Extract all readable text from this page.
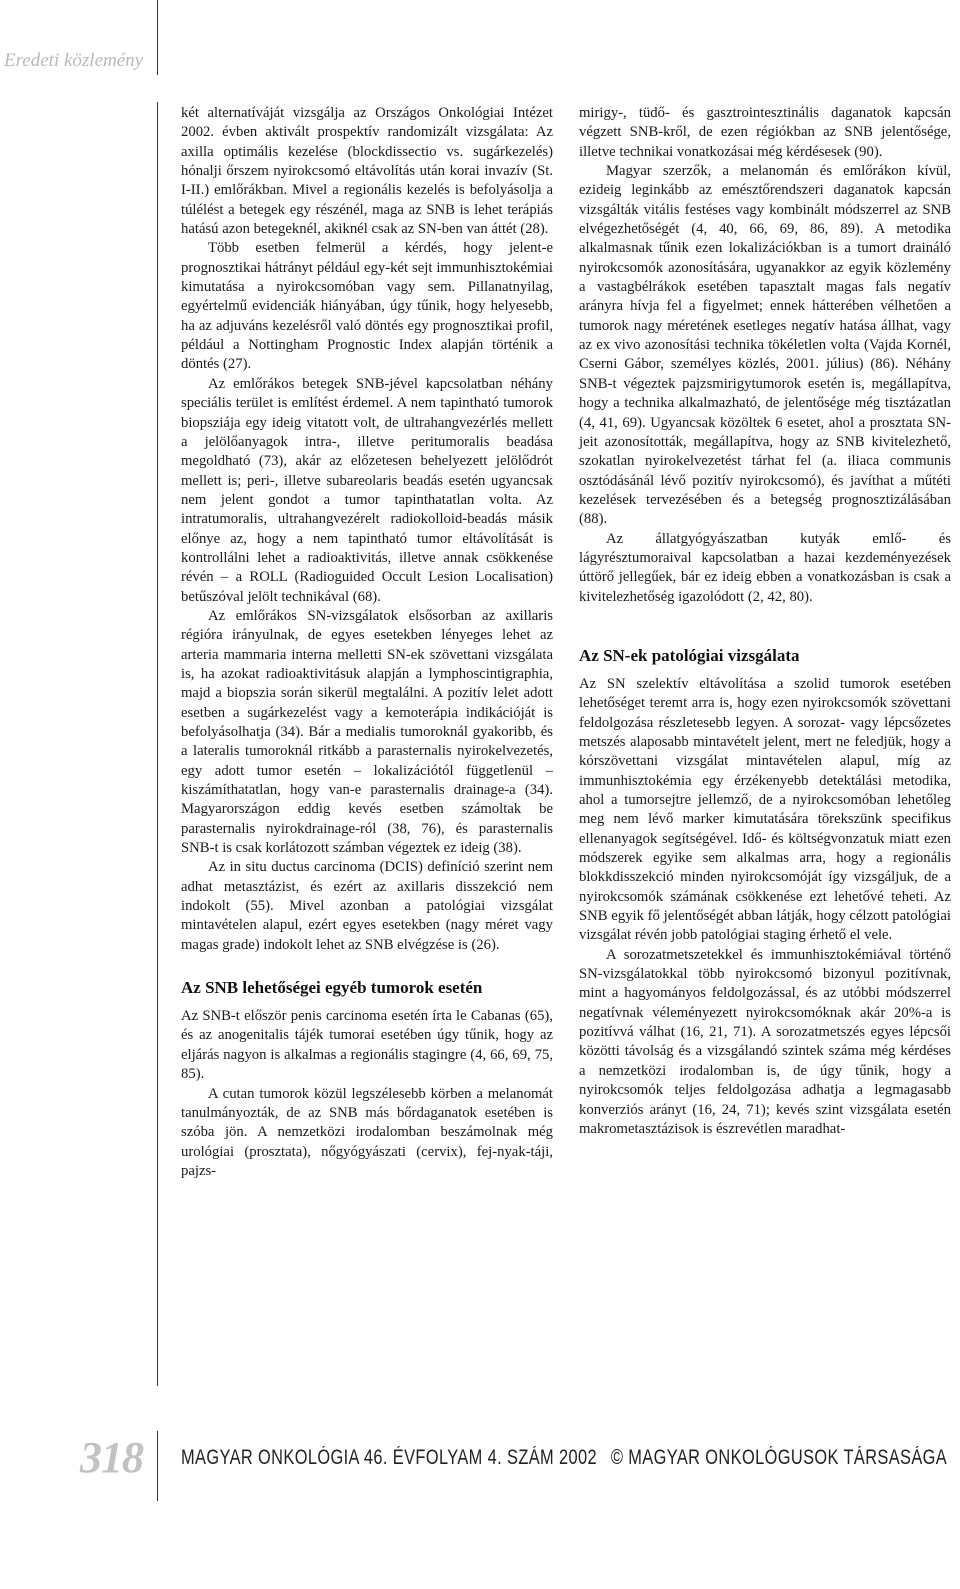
Eredeti közlemény

két alternatíváját vizsgálja az Országos Onkológiai Intézet 2002. évben aktivált prospektív randomizált vizsgálata: Az axilla optimális kezelése (blockdissectio vs. sugárkezelés) hónalji őrszem nyirokcsomó eltávolítás után korai invazív (St. I-II.) emlőrákban. Mivel a regionális kezelés is befolyásolja a túlélést a betegek egy részénél, maga az SNB is lehet terápiás hatású azon betegeknél, akiknél csak az SN-ben van áttét (28).

Több esetben felmerül a kérdés, hogy jelent-e prognosztikai hátrányt például egy-két sejt immunhisztokémiai kimutatása a nyirokcsomóban vagy sem. Pillanatnyilag, egyértelmű evidenciák hiányában, úgy tűnik, hogy helyesebb, ha az adjuváns kezelésről való döntés egy prognosztikai profil, például a Nottingham Prognostic Index alapján történik a döntés (27).

Az emlőrákos betegek SNB-jével kapcsolatban néhány speciális terület is említést érdemel. A nem tapintható tumorok biopsziája egy ideig vitatott volt, de ultrahangvezérlés mellett a jelölőanyagok intra-, illetve peritumoralis beadása megoldható (73), akár az előzetesen behelyezett jelölődrót mellett is; peri-, illetve subareolaris beadás esetén ugyancsak nem jelent gondot a tumor tapinthatatlan volta. Az intratumoralis, ultrahangvezérelt radiokolloid-beadás másik előnye az, hogy a nem tapintható tumor eltávolítását is kontrollálni lehet a radioaktivitás, illetve annak csökkenése révén – a ROLL (Radioguided Occult Lesion Localisation) betűszóval jelölt technikával (68).

Az emlőrákos SN-vizsgálatok elsősorban az axillaris régióra irányulnak, de egyes esetekben lényeges lehet az arteria mammaria interna melletti SN-ek szövettani vizsgálata is, ha azokat radioaktivitásuk alapján a lymphoscintigraphia, majd a biopszia során sikerül megtalálni. A pozitív lelet adott esetben a sugárkezelést vagy a kemoterápia indikációját is befolyásolhatja (34). Bár a medialis tumoroknál gyakoribb, és a lateralis tumoroknál ritkább a parasternalis nyirokelvezetés, egy adott tumor esetén – lokalizációtól függetlenül – kiszámíthatatlan, hogy van-e parasternalis drainage-a (34). Magyarországon eddig kevés esetben számoltak be parasternalis nyirokdrainage-ról (38, 76), és parasternalis SNB-t is csak korlátozott számban végeztek ez ideig (38).

Az in situ ductus carcinoma (DCIS) definíció szerint nem adhat metasztázist, és ezért az axillaris disszekció nem indokolt (55). Mivel azonban a patológiai vizsgálat mintavételen alapul, ezért egyes esetekben (nagy méret vagy magas grade) indokolt lehet az SNB elvégzése is (26).

Az SNB lehetőségei egyéb tumorok esetén

Az SNB-t először penis carcinoma esetén írta le Cabanas (65), és az anogenitalis tájék tumorai esetében úgy tűnik, hogy az eljárás nagyon is alkalmas a regionális stagingre (4, 66, 69, 75, 85).

A cutan tumorok közül legszélesebb körben a melanomát tanulmányozták, de az SNB más bőrdaganatok esetében is szóba jön. A nemzetközi irodalomban beszámolnak még urológiai (prosztata), nőgyógyászati (cervix), fej-nyak-táji, pajzs-

mirigy-, tüdő- és gasztrointesztinális daganatok kapcsán végzett SNB-kről, de ezen régiókban az SNB jelentősége, illetve technikai vonatkozásai még kérdésesek (90).

Magyar szerzők, a melanomán és emlőrákon kívül, ezideig leginkább az emésztőrendszeri daganatok kapcsán vizsgálták vitális festéses vagy kombinált módszerrel az SNB elvégezhetőségét (4, 40, 66, 69, 86, 89). A metodika alkalmasnak tűnik ezen lokalizációkban is a tumort draináló nyirokcsomók azonosítására, ugyanakkor az egyik közlemény a vastagbélrákok esetében tapasztalt magas fals negatív arányra hívja fel a figyelmet; ennek hátterében vélhetően a tumorok nagy méretének esetleges negatív hatása állhat, vagy az ex vivo azonosítási technika tökéletlen volta (Vajda Kornél, Cserni Gábor, személyes közlés, 2001. július) (86). Néhány SNB-t végeztek pajzsmirigytumorok esetén is, megállapítva, hogy a technika alkalmazható, de jelentősége még tisztázatlan (4, 41, 69). Ugyancsak közöltek 6 esetet, ahol a prosztata SN-jeit azonosították, megállapítva, hogy az SNB kivitelezhető, szokatlan nyirokelvezetést tárhat fel (a. iliaca communis osztódásánál lévő pozitív nyirokcsomó), és javíthat a műtéti kezelések tervezésében és a betegség prognosztizálásában (88).

Az állatgyógyászatban kutyák emlő- és lágyrésztumoraival kapcsolatban a hazai kezdeményezések úttörő jellegűek, bár ez ideig ebben a vonatkozásban is csak a kivitelezhetőség igazolódott (2, 42, 80).

Az SN-ek patológiai vizsgálata

Az SN szelektív eltávolítása a szolid tumorok esetében lehetőséget teremt arra is, hogy ezen nyirokcsomók szövettani feldolgozása részletesebb legyen. A sorozat- vagy lépcsőzetes metszés alaposabb mintavételt jelent, mert ne feledjük, hogy a kórszövettani vizsgálat mintavételen alapul, míg az immunhisztokémia egy érzékenyebb detektálási metodika, ahol a tumorsejtre jellemző, de a nyirokcsomóban lehetőleg meg nem lévő marker kimutatására törekszünk specifikus ellenanyagok segítségével. Idő- és költségvonzatuk miatt ezen módszerek egyike sem alkalmas arra, hogy a regionális blokkdisszekció minden nyirokcsomóját így vizsgáljuk, de a nyirokcsomók számának csökkenése ezt lehetővé teheti. Az SNB egyik fő jelentőségét abban látják, hogy célzott patológiai vizsgálat révén jobb patológiai staging érhető el vele.

A sorozatmetszetekkel és immunhisztokémiával történő SN-vizsgálatokkal több nyirokcsomó bizonyul pozitívnak, mint a hagyományos feldolgozással, és az utóbbi módszerrel negatívnak véleményezett nyirokcsomóknak akár 20%-a is pozitívvá válhat (16, 21, 71). A sorozatmetszés egyes lépcsői közötti távolság és a vizsgálandó szintek száma még kérdéses a nemzetközi irodalomban is, de úgy tűnik, hogy a nyirokcsomók teljes feldolgozása adhatja a legmagasabb konverziós arányt (16, 24, 71); kevés szint vizsgálata esetén makrometasztázisok is észrevétlen maradhat-

318 MAGYAR ONKOLÓGIA 46. ÉVFOLYAM 4. SZÁM 2002 © MAGYAR ONKOLÓGUSOK TÁRSASÁGA
